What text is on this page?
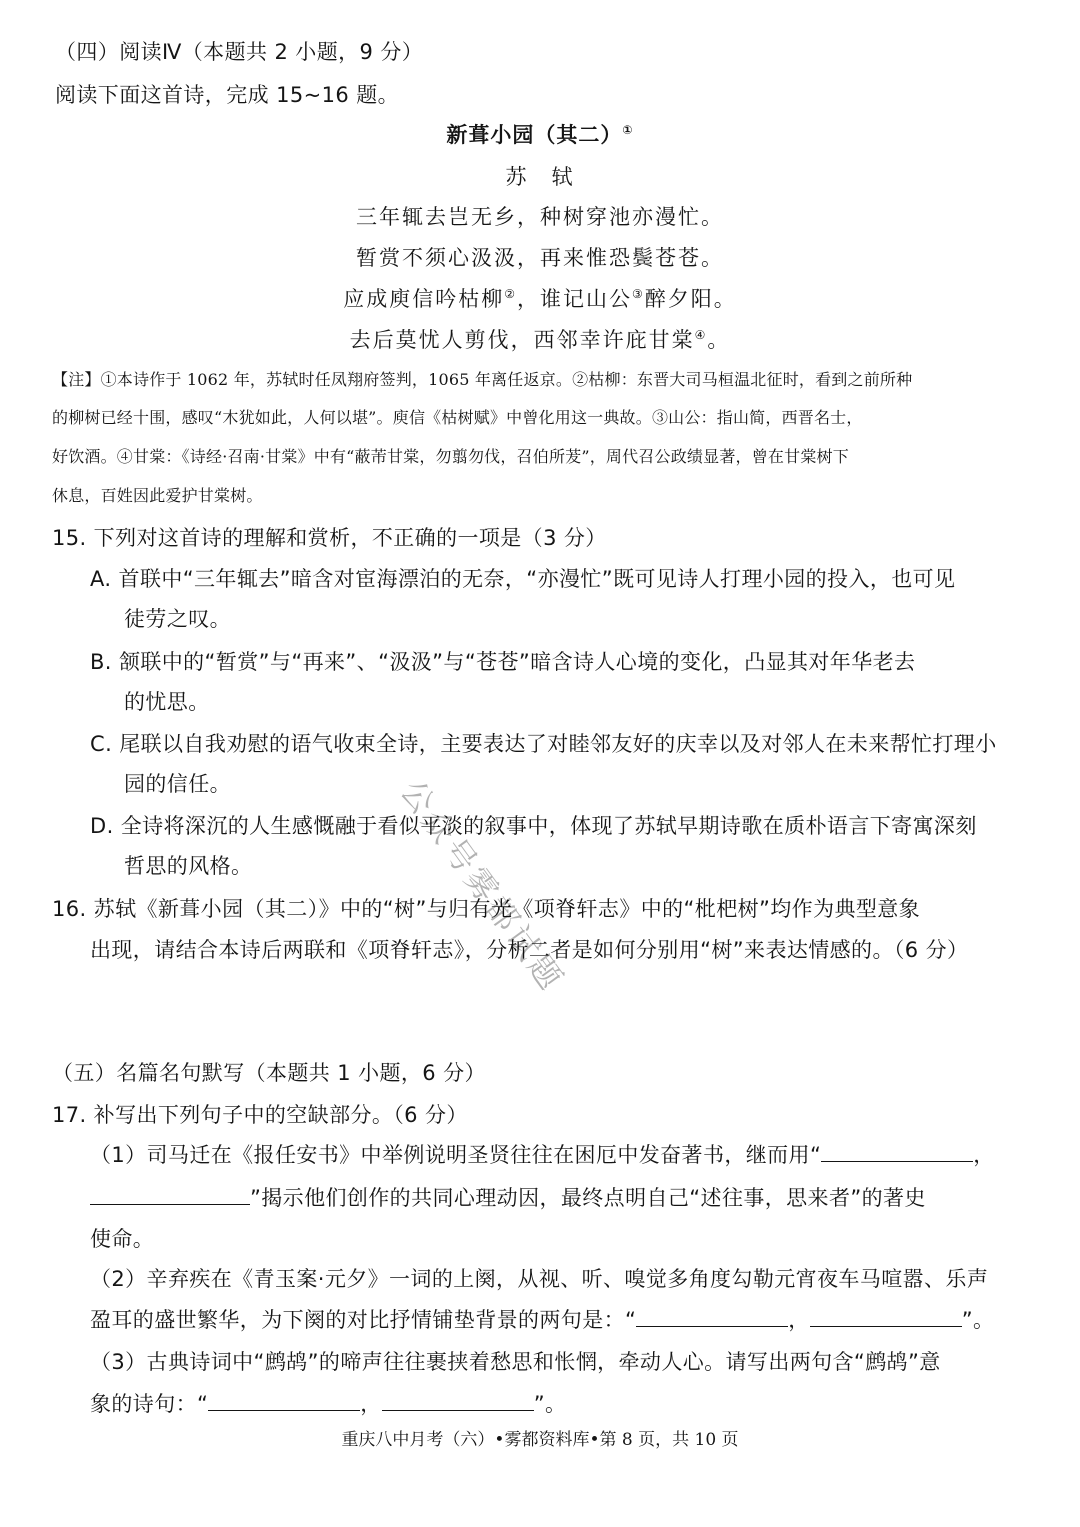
（四）阅读Ⅳ（本题共 2 小题，9 分）
阅读下面这首诗，完成 15~16 题。
新葺小园（其二）①
苏　轼
三年辄去岂无乡，种树穿池亦漫忙。
暂赏不须心汲汲，再来惟恐鬓苍苍。
应成庾信吟枯柳②，谁记山公③醉夕阳。
去后莫忧人剪伐，西邻幸许庇甘棠④。
【注】①本诗作于 1062 年，苏轼时任凤翔府签判，1065 年离任返京。②枯柳：东晋大司马桓温北征时，看到之前所种
的柳树已经十围，感叹“木犹如此，人何以堪”。庾信《枯树赋》中曾化用这一典故。③山公：指山简，西晋名士，
好饮酒。④甘棠：《诗经·召南·甘棠》中有“蔽芾甘棠，勿翦勿伐，召伯所茇”，周代召公政绩显著，曾在甘棠树下
休息，百姓因此爱护甘棠树。
15. 下列对这首诗的理解和赏析，不正确的一项是（3 分）
A. 首联中“三年辄去”暗含对宦海漂泊的无奈，“亦漫忙”既可见诗人打理小园的投入，也可见
徒劳之叹。
B. 颔联中的“暂赏”与“再来”、“汲汲”与“苍苍”暗含诗人心境的变化，凸显其对年华老去
的忧思。
C. 尾联以自我劝慰的语气收束全诗，主要表达了对睦邻友好的庆幸以及对邻人在未来帮忙打理小
园的信任。
D. 全诗将深沉的人生感慨融于看似平淡的叙事中，体现了苏轼早期诗歌在质朴语言下寄寓深刻
哲思的风格。
16. 苏轼《新葺小园（其二）》中的“树”与归有光《项脊轩志》中的“枇杷树”均作为典型意象
出现，请结合本诗后两联和《项脊轩志》，分析二者是如何分别用“树”来表达情感的。（6 分）
（五）名篇名句默写（本题共 1 小题，6 分）
17. 补写出下列句子中的空缺部分。（6 分）
（1）司马迁在《报任安书》中举例说明圣贤往往在困厄中发奋著书，继而用“	，
”揭示他们创作的共同心理动因，最终点明自己“述往事，思来者”的著史
使命。
（2）辛弃疾在《青玉案·元夕》一词的上阕，从视、听、嗅觉多角度勾勒元宵夜车马喧嚣、乐声
盈耳的盛世繁华，为下阕的对比抒情铺垫背景的两句是：“	，	”。
（3）古典诗词中“鹧鸪”的啼声往往裹挟着愁思和怅惘，牵动人心。请写出两句含“鹧鸪”意
象的诗句：“	，	”。
公众号雾都试题
重庆八中月考（六）•雾都资料库•第 8 页，共 10 页
